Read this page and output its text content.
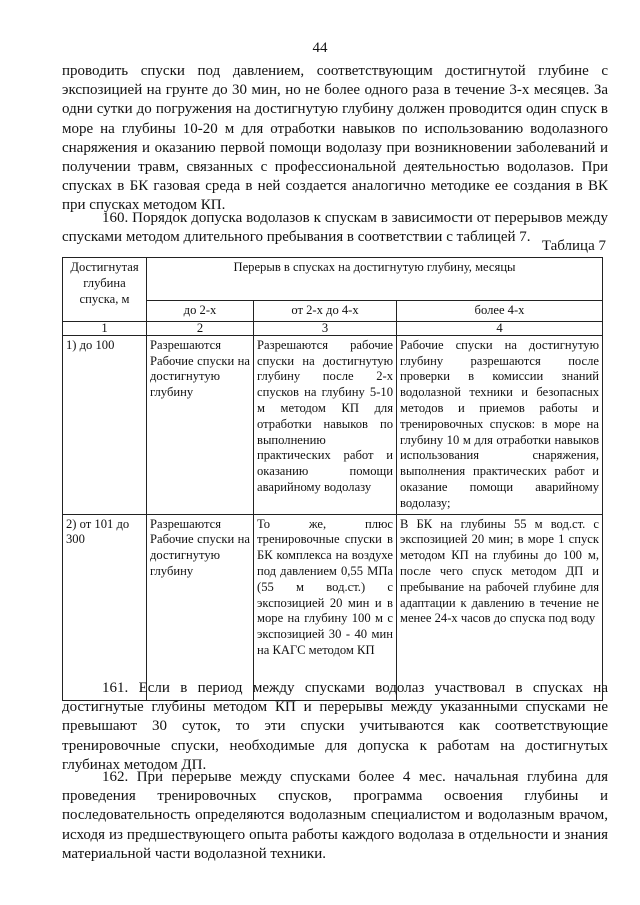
44

проводить спуски под давлением, соответствующим достигнутой глубине с экспозицией на грунте до 30 мин, но не более одного раза в течение 3-х месяцев. За одни сутки до погружения на достигнутую глубину должен проводится один спуск в море на глубины 10-20 м для отработки навыков по использованию водолазного снаряжения и оказанию первой помощи водолазу при возникновении заболеваний и получении травм, связанных с профессиональной деятельностью водолазов. При спусках в БК газовая среда в ней создается аналогично методике ее создания в ВК при спусках методом КП.

160. Порядок допуска водолазов к спускам в зависимости от перерывов между спусками методом длительного пребывания в соответствии с таблицей 7.

Таблица 7
Достигнутая глубина спуска, м	Перерыв в спусках на достигнутую глубину, месяцы		
	до 2-х	от 2-х до 4-х	более 4-х
1	2	3	4
1) до 100	Разрешаются Рабочие спуски на достигнутую глубину	Разрешаются рабочие спуски на достигнутую глубину после 2-х спусков на глубину 5-10 м методом КП для отработки навыков по выполнению практических работ и оказанию помощи аварийному водолазу	Рабочие спуски на достигнутую глубину разрешаются после проверки в комиссии знаний водолазной техники и безопасных методов и приемов работы и тренировочных спусков: в море на глубину 10 м для отработки навыков использования снаряжения, выполнения практических работ и оказание помощи аварийному водолазу;
2) от 101 до 300	Разрешаются Рабочие спуски на достигнутую глубину	То же, плюс тренировочные спуски в БК комплекса на воздухе под давлением 0,55 МПа (55 м вод.ст.) с экспозицией 20 мин и в море на глубину 100 м с экспозицией 30 - 40 мин на КАГС методом КП	В БК на глубины 55 м вод.ст. с экспозицией 20 мин; в море 1 спуск методом КП на глубины до 100 м, после чего спуск методом ДП и пребывание на рабочей глубине для адаптации к давлению в течение не менее 24-х часов до спуска под воду

161. Если в период между спусками водолаз участвовал в спусках на достигнутые глубины методом КП и перерывы между указанными спусками не превышают 30 суток, то эти спуски учитываются как соответствующие тренировочные спуски, необходимые для допуска к работам на достигнутых глубинах методом ДП.

162. При перерыве между спусками более 4 мес. начальная глубина для проведения тренировочных спусков, программа освоения глубины и последовательность определяются водолазным специалистом и водолазным врачом, исходя из предшествующего опыта работы каждого водолаза в отдельности и знания материальной части водолазной техники.
